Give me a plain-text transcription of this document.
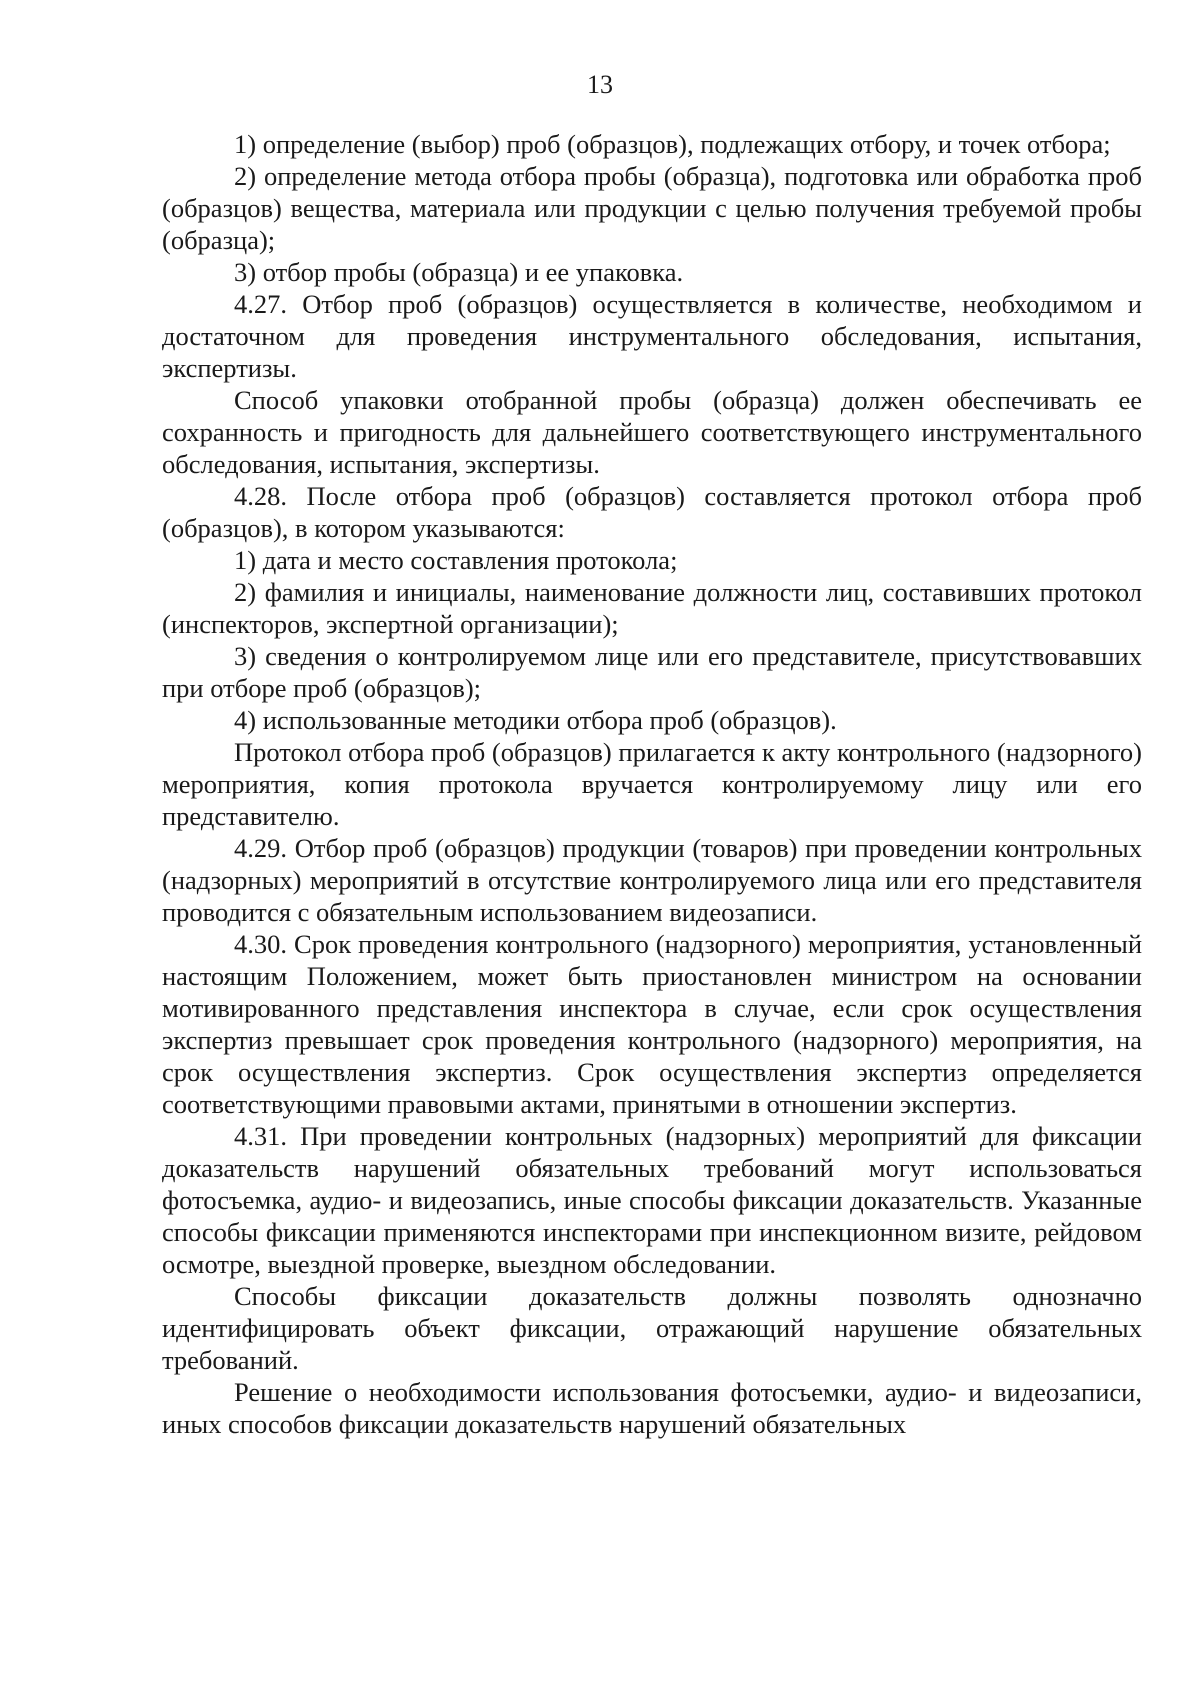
13

1) определение (выбор) проб (образцов), подлежащих отбору, и точек отбора;

2) определение метода отбора пробы (образца), подготовка или обработка проб (образцов) вещества, материала или продукции с целью получения требуемой пробы (образца);

3) отбор пробы (образца) и ее упаковка.

4.27. Отбор проб (образцов) осуществляется в количестве, необходимом и достаточном для проведения инструментального обследования, испытания, экспертизы.

Способ упаковки отобранной пробы (образца) должен обеспечивать ее сохранность и пригодность для дальнейшего соответствующего инструментального обследования, испытания, экспертизы.

4.28. После отбора проб (образцов) составляется протокол отбора проб (образцов), в котором указываются:

1) дата и место составления протокола;

2) фамилия и инициалы, наименование должности лиц, составивших протокол (инспекторов, экспертной организации);

3) сведения о контролируемом лице или его представителе, присутствовавших при отборе проб (образцов);

4) использованные методики отбора проб (образцов).

Протокол отбора проб (образцов) прилагается к акту контрольного (надзорного) мероприятия, копия протокола вручается контролируемому лицу или его представителю.

4.29. Отбор проб (образцов) продукции (товаров) при проведении контрольных (надзорных) мероприятий в отсутствие контролируемого лица или его представителя проводится с обязательным использованием видеозаписи.

4.30. Срок проведения контрольного (надзорного) мероприятия, установленный настоящим Положением, может быть приостановлен министром на основании мотивированного представления инспектора в случае, если срок осуществления экспертиз превышает срок проведения контрольного (надзорного) мероприятия, на срок осуществления экспертиз. Срок осуществления экспертиз определяется соответствующими правовыми актами, принятыми в отношении экспертиз.

4.31. При проведении контрольных (надзорных) мероприятий для фиксации доказательств нарушений обязательных требований могут использоваться фотосъемка, аудио- и видеозапись, иные способы фиксации доказательств. Указанные способы фиксации применяются инспекторами при инспекционном визите, рейдовом осмотре, выездной проверке, выездном обследовании.

Способы фиксации доказательств должны позволять однозначно идентифицировать объект фиксации, отражающий нарушение обязательных требований.

Решение о необходимости использования фотосъемки, аудио- и видеозаписи, иных способов фиксации доказательств нарушений обязательных
